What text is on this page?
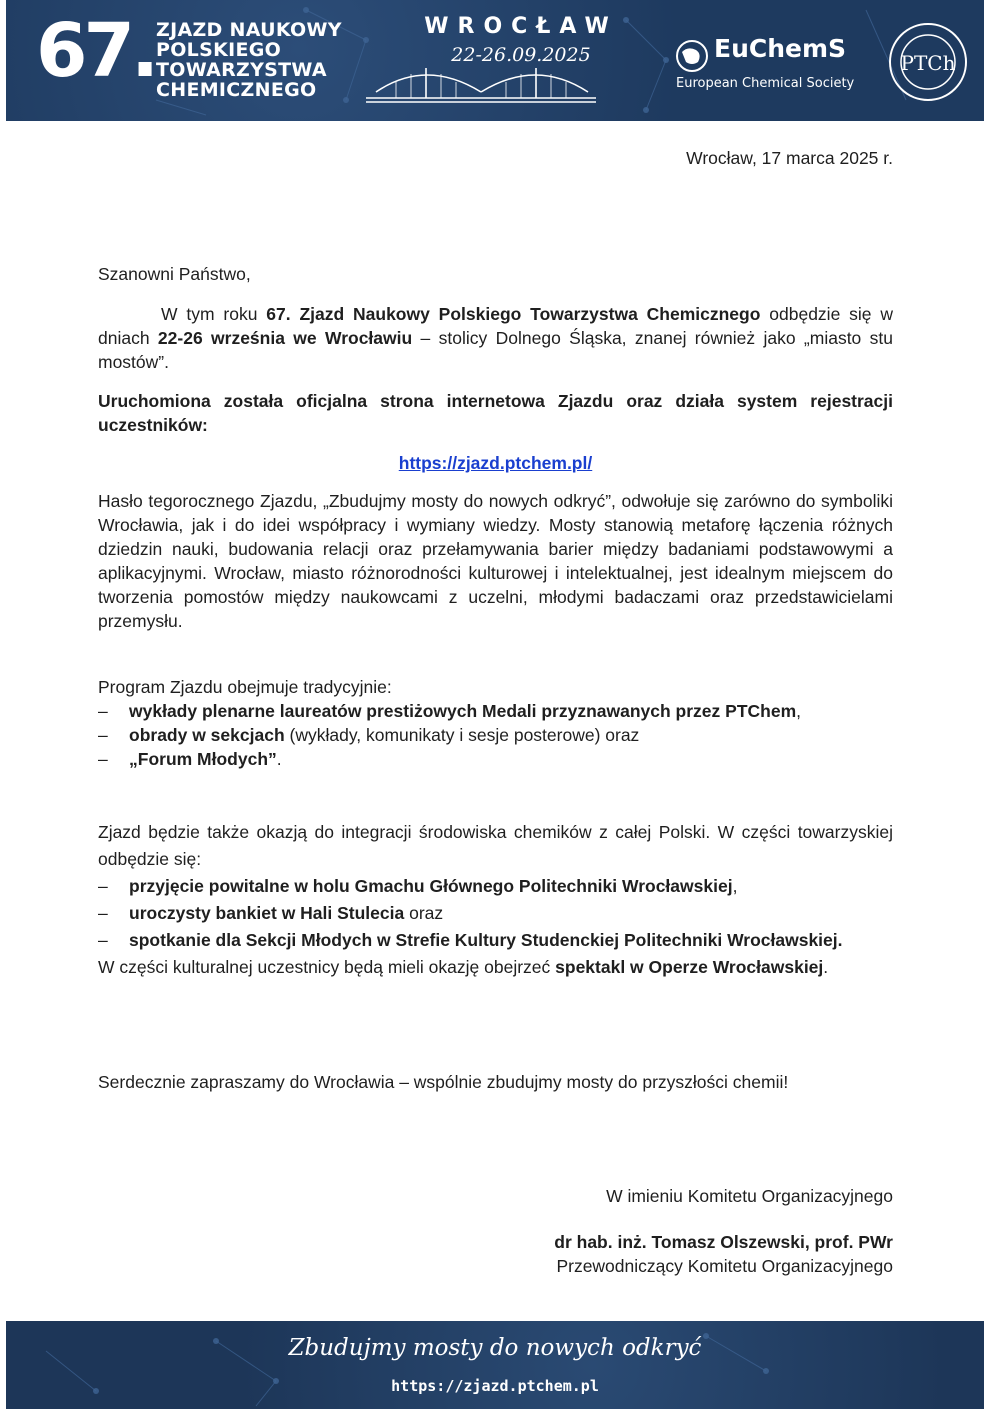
67. ZJAZD NAUKOWY
POLSKIEGO
TOWARZYSTWA
CHEMICZNEGO
WROCŁAW
22-26.09.2025	EuChemS
European Chemical Society
PTCh
Wrocław, 17 marca 2025 r.
Szanowni Państwo,

W tym roku 67. Zjazd Naukowy Polskiego Towarzystwa Chemicznego odbędzie się w dniach 22-26 września we Wrocławiu – stolicy Dolnego Śląska, znanej również jako „miasto stu mostów”.

Uruchomiona została oficjalna strona internetowa Zjazdu oraz działa system rejestracji uczestników:

https://zjazd.ptchem.pl/
Hasło tegorocznego Zjazdu, „Zbudujmy mosty do nowych odkryć”, odwołuje się zarówno do symboliki Wrocławia, jak i do idei współpracy i wymiany wiedzy. Mosty stanowią metaforę łączenia różnych dziedzin nauki, budowania relacji oraz przełamywania barier między badaniami podstawowymi a aplikacyjnymi. Wrocław, miasto różnorodności kulturowej i intelektualnej, jest idealnym miejscem do tworzenia pomostów między naukowcami z uczelni, młodymi badaczami oraz przedstawicielami przemysłu.

Program Zjazdu obejmuje tradycyjnie:

– wykłady plenarne laureatów prestiżowych Medali przyznawanych przez PTChem,
– obrady w sekcjach (wykłady, komunikaty i sesje posterowe) oraz
– „Forum Młodych”.

Zjazd będzie także okazją do integracji środowiska chemików z całej Polski. W części towarzyskiej odbędzie się:

– przyjęcie powitalne w holu Gmachu Głównego Politechniki Wrocławskiej,
– uroczysty bankiet w Hali Stulecia oraz
– spotkanie dla Sekcji Młodych w Strefie Kultury Studenckiej Politechniki Wrocławskiej.

W części kulturalnej uczestnicy będą mieli okazję obejrzeć spektakl w Operze Wrocławskiej.

Serdecznie zapraszamy do Wrocławia – wspólnie zbudujmy mosty do przyszłości chemii!
W imieniu Komitetu Organizacyjnego

dr hab. inż. Tomasz Olszewski, prof. PWr

Przewodniczący Komitetu Organizacyjnego

Zbudujmy mosty do nowych odkryć
https://zjazd.ptchem.pl
